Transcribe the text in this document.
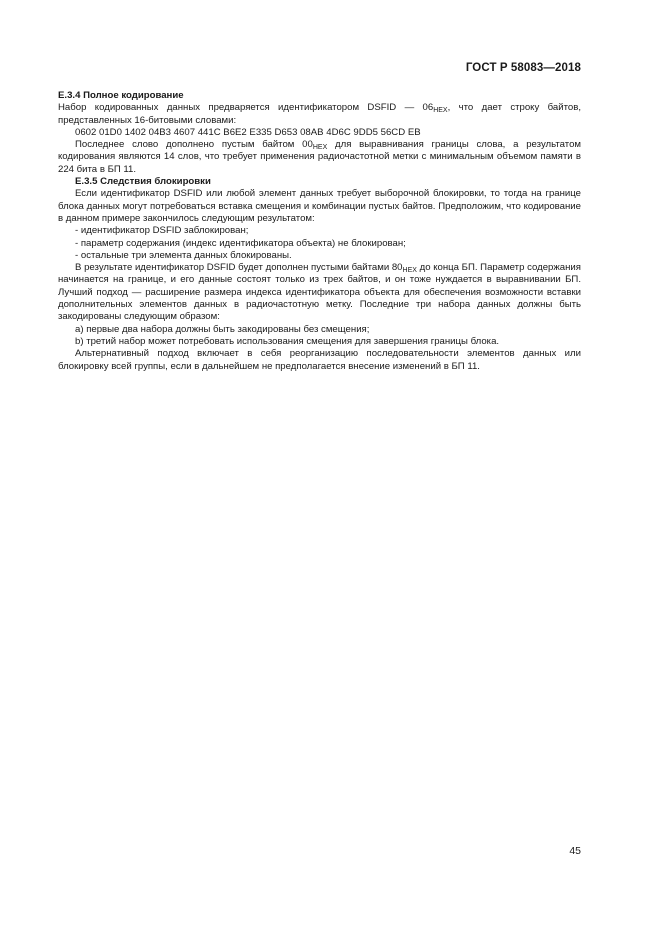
ГОСТ Р 58083—2018

Е.3.4 Полное кодирование

Набор кодированных данных предваряется идентификатором DSFID — $06_{HEX}$, что дает строку байтов, представленных 16-битовыми словами:

0602 01D0 1402 04B3 4607 441C B6E2 E335 D653 08AB 4D6C 9DD5 56CD EB

Последнее слово дополнено пустым байтом $00_{HEX}$ для выравнивания границы слова, а результатом кодирования являются 14 слов, что требует применения радиочастотной метки с минимальным объемом памяти в 224 бита в БП 11.

Е.3.5 Следствия блокировки

Если идентификатор DSFID или любой элемент данных требует выборочной блокировки, то тогда на границе блока данных могут потребоваться вставка смещения и комбинации пустых байтов. Предположим, что кодирование в данном примере закончилось следующим результатом:

- идентификатор DSFID заблокирован;

- параметр содержания (индекс идентификатора объекта) не блокирован;

- остальные три элемента данных блокированы.

В результате идентификатор DSFID будет дополнен пустыми байтами $80_{HEX}$ до конца БП. Параметр содержания начинается на границе, и его данные состоят только из трех байтов, и он тоже нуждается в выравнивании БП. Лучший подход — расширение размера индекса идентификатора объекта для обеспечения возможности вставки дополнительных элементов данных в радиочастотную метку. Последние три набора данных должны быть закодированы следующим образом:

a) первые два набора должны быть закодированы без смещения;

b) третий набор может потребовать использования смещения для завершения границы блока.

Альтернативный подход включает в себя реорганизацию последовательности элементов данных или блокировку всей группы, если в дальнейшем не предполагается внесение изменений в БП 11.

45
